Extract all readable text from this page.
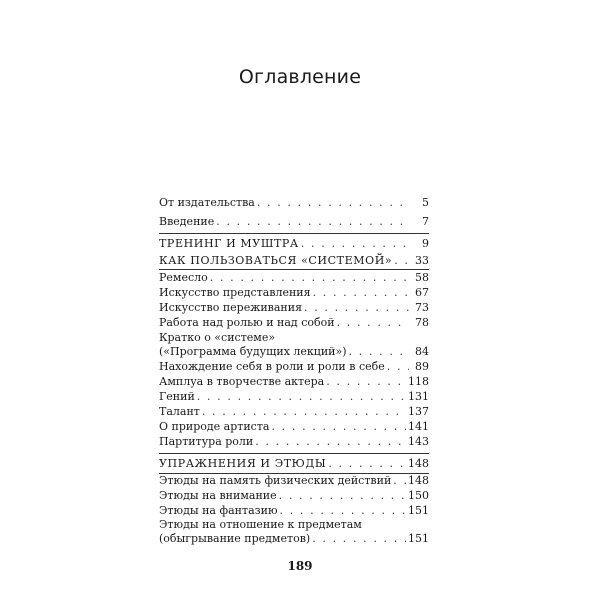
Оглавление
От издательства . . .	5
Введение . . .	7
ТРЕНИНГ И МУШТРА . . .	9
КАК ПОЛЬЗОВАТЬСЯ «СИСТЕМОЙ» . . .	33
Ремесло . . .	58
Искусство представления . . .	67
Искусство переживания . . .	73
Работа над ролью и над собой . . .	78
Кратко о «системе»
(«Программа будущих лекций») . . .	84
Нахождение себя в роли и роли в себе . . .	89
Амплуа в творчестве актера . . .	118
Гений . . .	131
Талант . . .	137
О природе артиста . . .	141
Партитура роли . . .	143
УПРАЖНЕНИЯ И ЭТЮДЫ . . .	148
Этюды на память физических действий . . . 148
Этюды на внимание . . .	150
Этюды на фантазию . . .	151
Этюды на отношение к предметам
(обыгрывание предметов) . . .	151
189
